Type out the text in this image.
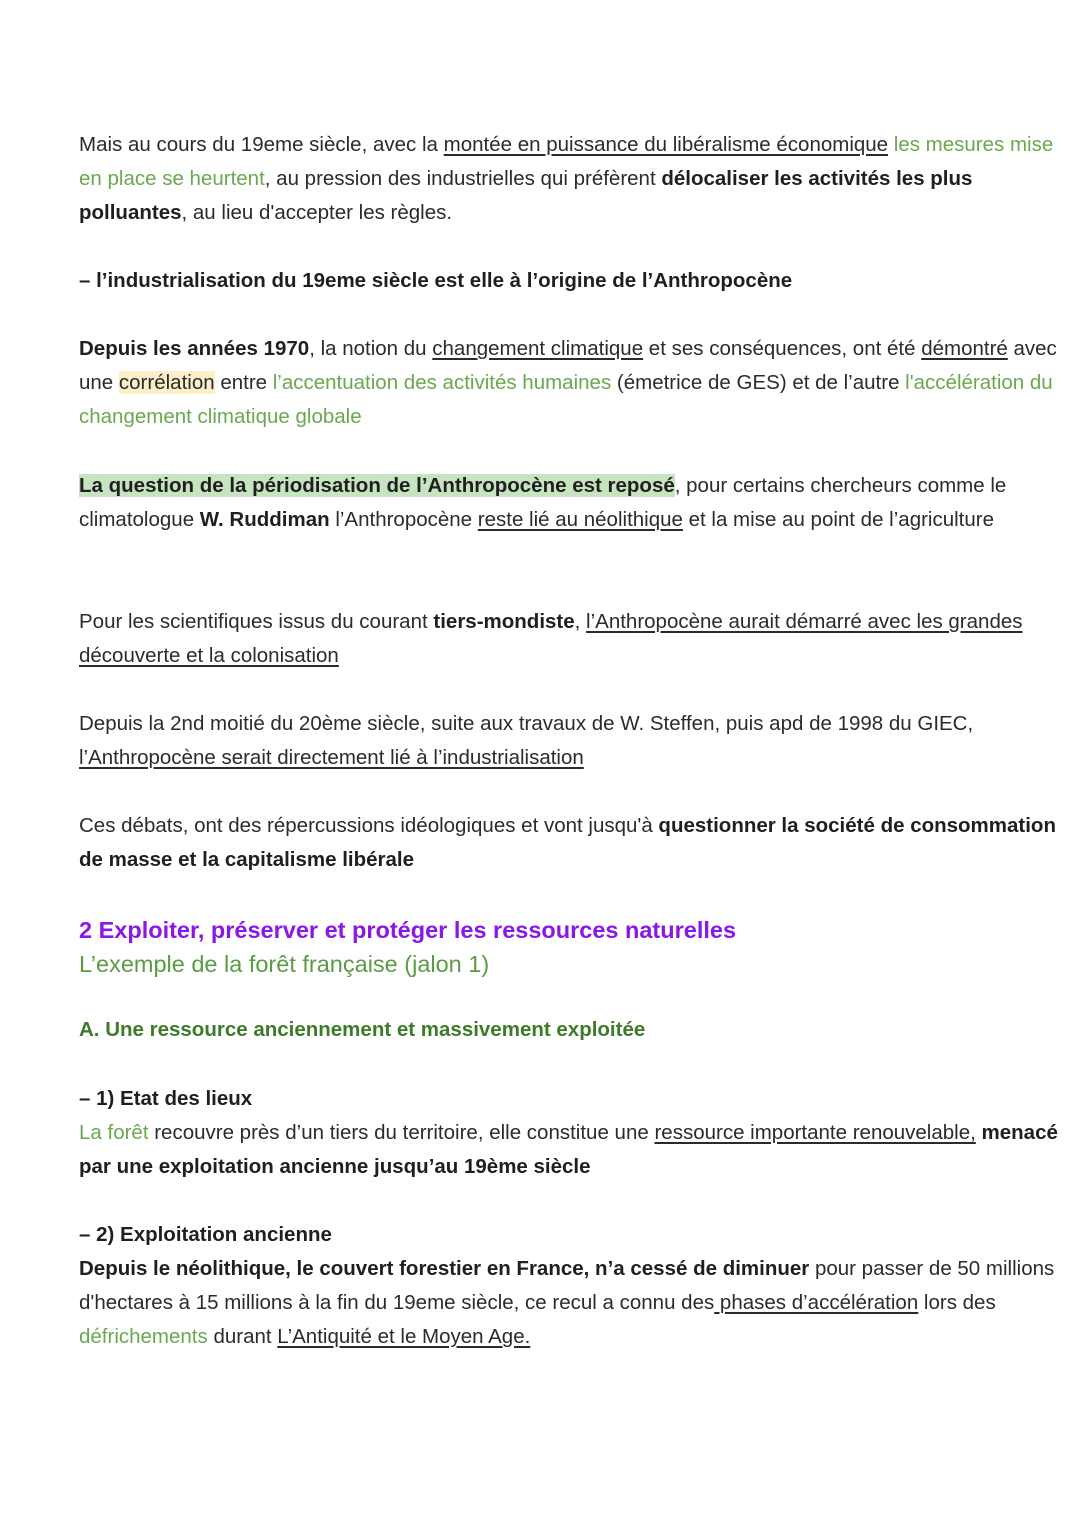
Mais au cours du 19eme siècle, avec la montée en puissance du libéralisme économique les mesures mise en place se heurtent, au pression des industrielles qui préfèrent délocaliser les activités les plus polluantes, au lieu d'accepter les règles.

– l’industrialisation du 19eme siècle est elle à l’origine de l’Anthropocène

Depuis les années 1970, la notion du changement climatique et ses conséquences, ont été démontré avec une corrélation entre l’accentuation des activités humaines (émetrice de GES) et de l’autre l'accélération du changement climatique globale

La question de la périodisation de l’Anthropocène est reposé, pour certains chercheurs comme le climatologue W. Ruddiman l’Anthropocène reste lié au néolithique et la mise au point de l’agriculture

Pour les scientifiques issus du courant tiers-mondiste, l’Anthropocène aurait démarré avec les grandes découverte et la colonisation

Depuis la 2nd moitié du 20ème siècle, suite aux travaux de W. Steffen, puis apd de 1998 du GIEC, l’Anthropocène serait directement lié à l’industrialisation

Ces débats, ont des répercussions idéologiques et vont jusqu'à questionner la société de consommation de masse et la capitalisme libérale

2 Exploiter, préserver et protéger les ressources naturelles
L’exemple de la forêt française (jalon 1)
A. Une ressource anciennement et massivement exploitée
– 1) Etat des lieux
La forêt recouvre près d’un tiers du territoire, elle constitue une ressource importante renouvelable, menacé par une exploitation ancienne jusqu’au 19ème siècle
– 2) Exploitation ancienne
Depuis le néolithique, le couvert forestier en France, n’a cessé de diminuer pour passer de 50 millions d'hectares à 15 millions à la fin du 19eme siècle, ce recul a connu des phases d’accélération lors des défrichements durant L’Antiquité et le Moyen Age.
